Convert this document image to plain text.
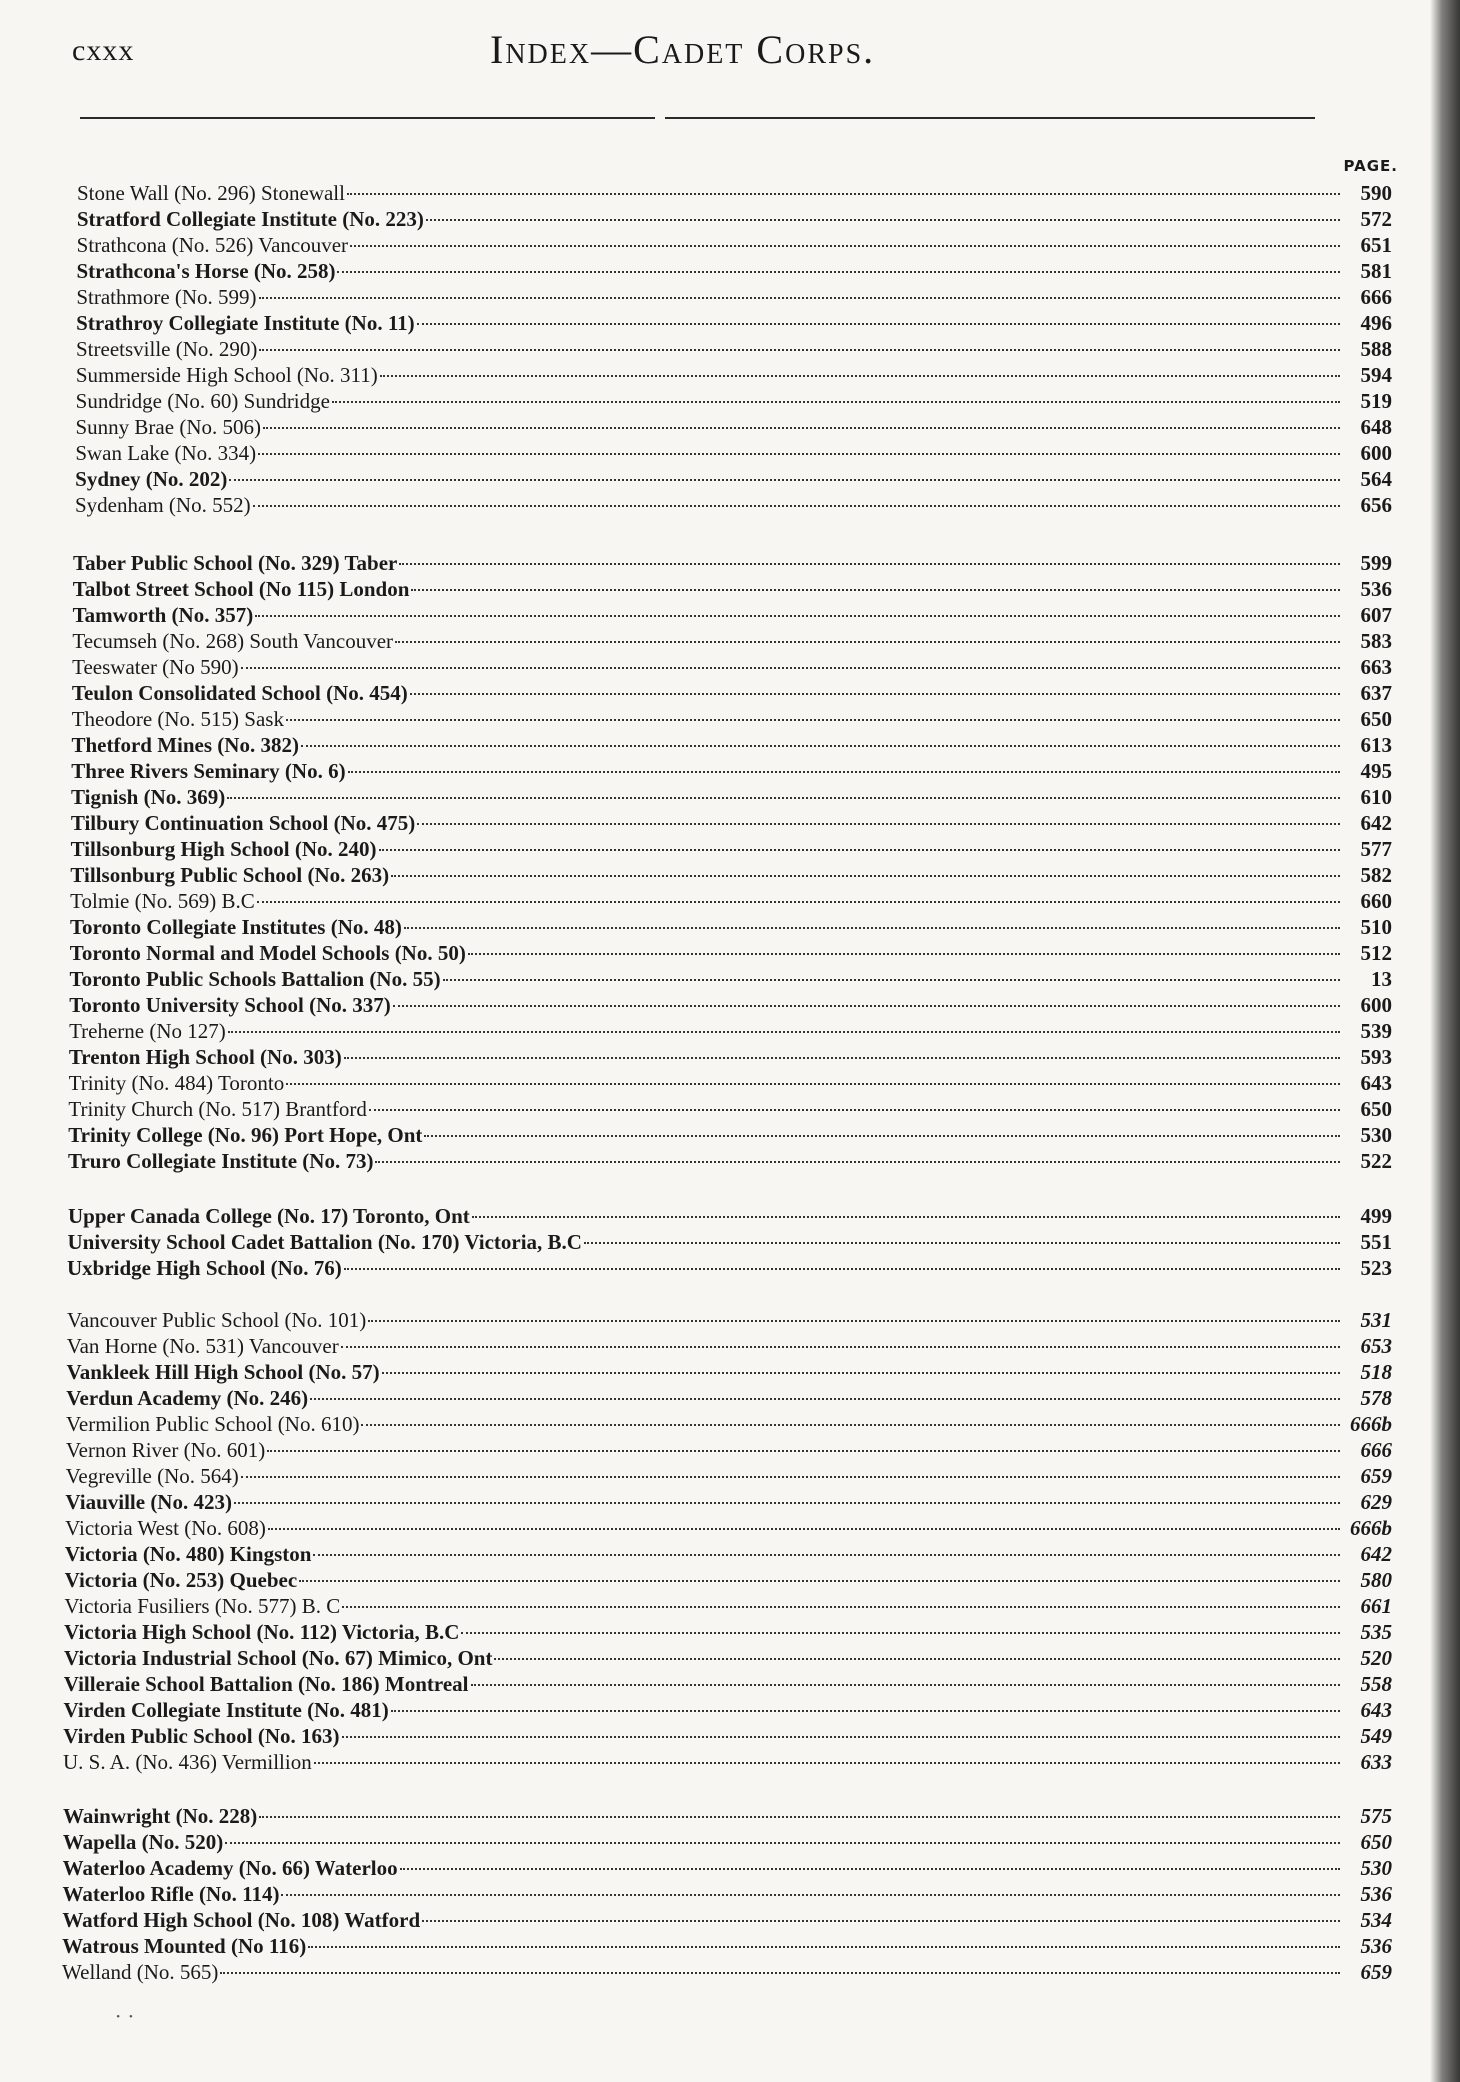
cxxx	Index—Cadet Corps.
PAGE.
Stone Wall (No. 296) Stonewall	590
Stratford Collegiate Institute (No. 223)	572
Strathcona (No. 526) Vancouver	651
Strathcona's Horse (No. 258)	581
Strathmore (No. 599)	666
Strathroy Collegiate Institute (No. 11)	496
Streetsville (No. 290)	588
Summerside High School (No. 311)	594
Sundridge (No. 60) Sundridge	519
Sunny Brae (No. 506)	648
Swan Lake (No. 334)	600
Sydney (No. 202)	564
Sydenham (No. 552)	656
Taber Public School (No. 329) Taber	599
Talbot Street School (No 115) London	536
Tamworth (No. 357)	607
Tecumseh (No. 268) South Vancouver	583
Teeswater (No 590)	663
Teulon Consolidated School (No. 454)	637
Theodore (No. 515) Sask	650
Thetford Mines (No. 382)	613
Three Rivers Seminary (No. 6)	495
Tignish (No. 369)	610
Tilbury Continuation School (No. 475)	642
Tillsonburg High School (No. 240)	577
Tillsonburg Public School (No. 263)	582
Tolmie (No. 569) B.C	660
Toronto Collegiate Institutes (No. 48)	510
Toronto Normal and Model Schools (No. 50)	512
Toronto Public Schools Battalion (No. 55)	13
Toronto University School (No. 337)	600
Treherne (No 127)	539
Trenton High School (No. 303)	593
Trinity (No. 484) Toronto	643
Trinity Church (No. 517) Brantford	650
Trinity College (No. 96) Port Hope, Ont	530
Truro Collegiate Institute (No. 73)	522
Upper Canada College (No. 17) Toronto, Ont	499
University School Cadet Battalion (No. 170) Victoria, B.C	551
Uxbridge High School (No. 76)	523
Vancouver Public School (No. 101)	531
Van Horne (No. 531) Vancouver	653
Vankleek Hill High School (No. 57)	518
Verdun Academy (No. 246)	578
Vermilion Public School (No. 610)	666b
Vernon River (No. 601)	666
Vegreville (No. 564)	659
Viauville (No. 423)	629
Victoria West (No. 608)	666b
Victoria (No. 480) Kingston	642
Victoria (No. 253) Quebec	580
Victoria Fusiliers (No. 577) B. C	661
Victoria High School (No. 112) Victoria, B.C	535
Victoria Industrial School (No. 67) Mimico, Ont	520
Villeraie School Battalion (No. 186) Montreal	558
Virden Collegiate Institute (No. 481)	643
Virden Public School (No. 163)	549
U. S. A. (No. 436) Vermillion	633
Wainwright (No. 228)	575
Wapella (No. 520)	650
Waterloo Academy (No. 66) Waterloo	530
Waterloo Rifle (No. 114)	536
Watford High School (No. 108) Watford	534
Watrous Mounted (No 116)	536
Welland (No. 565)	659
· ·
